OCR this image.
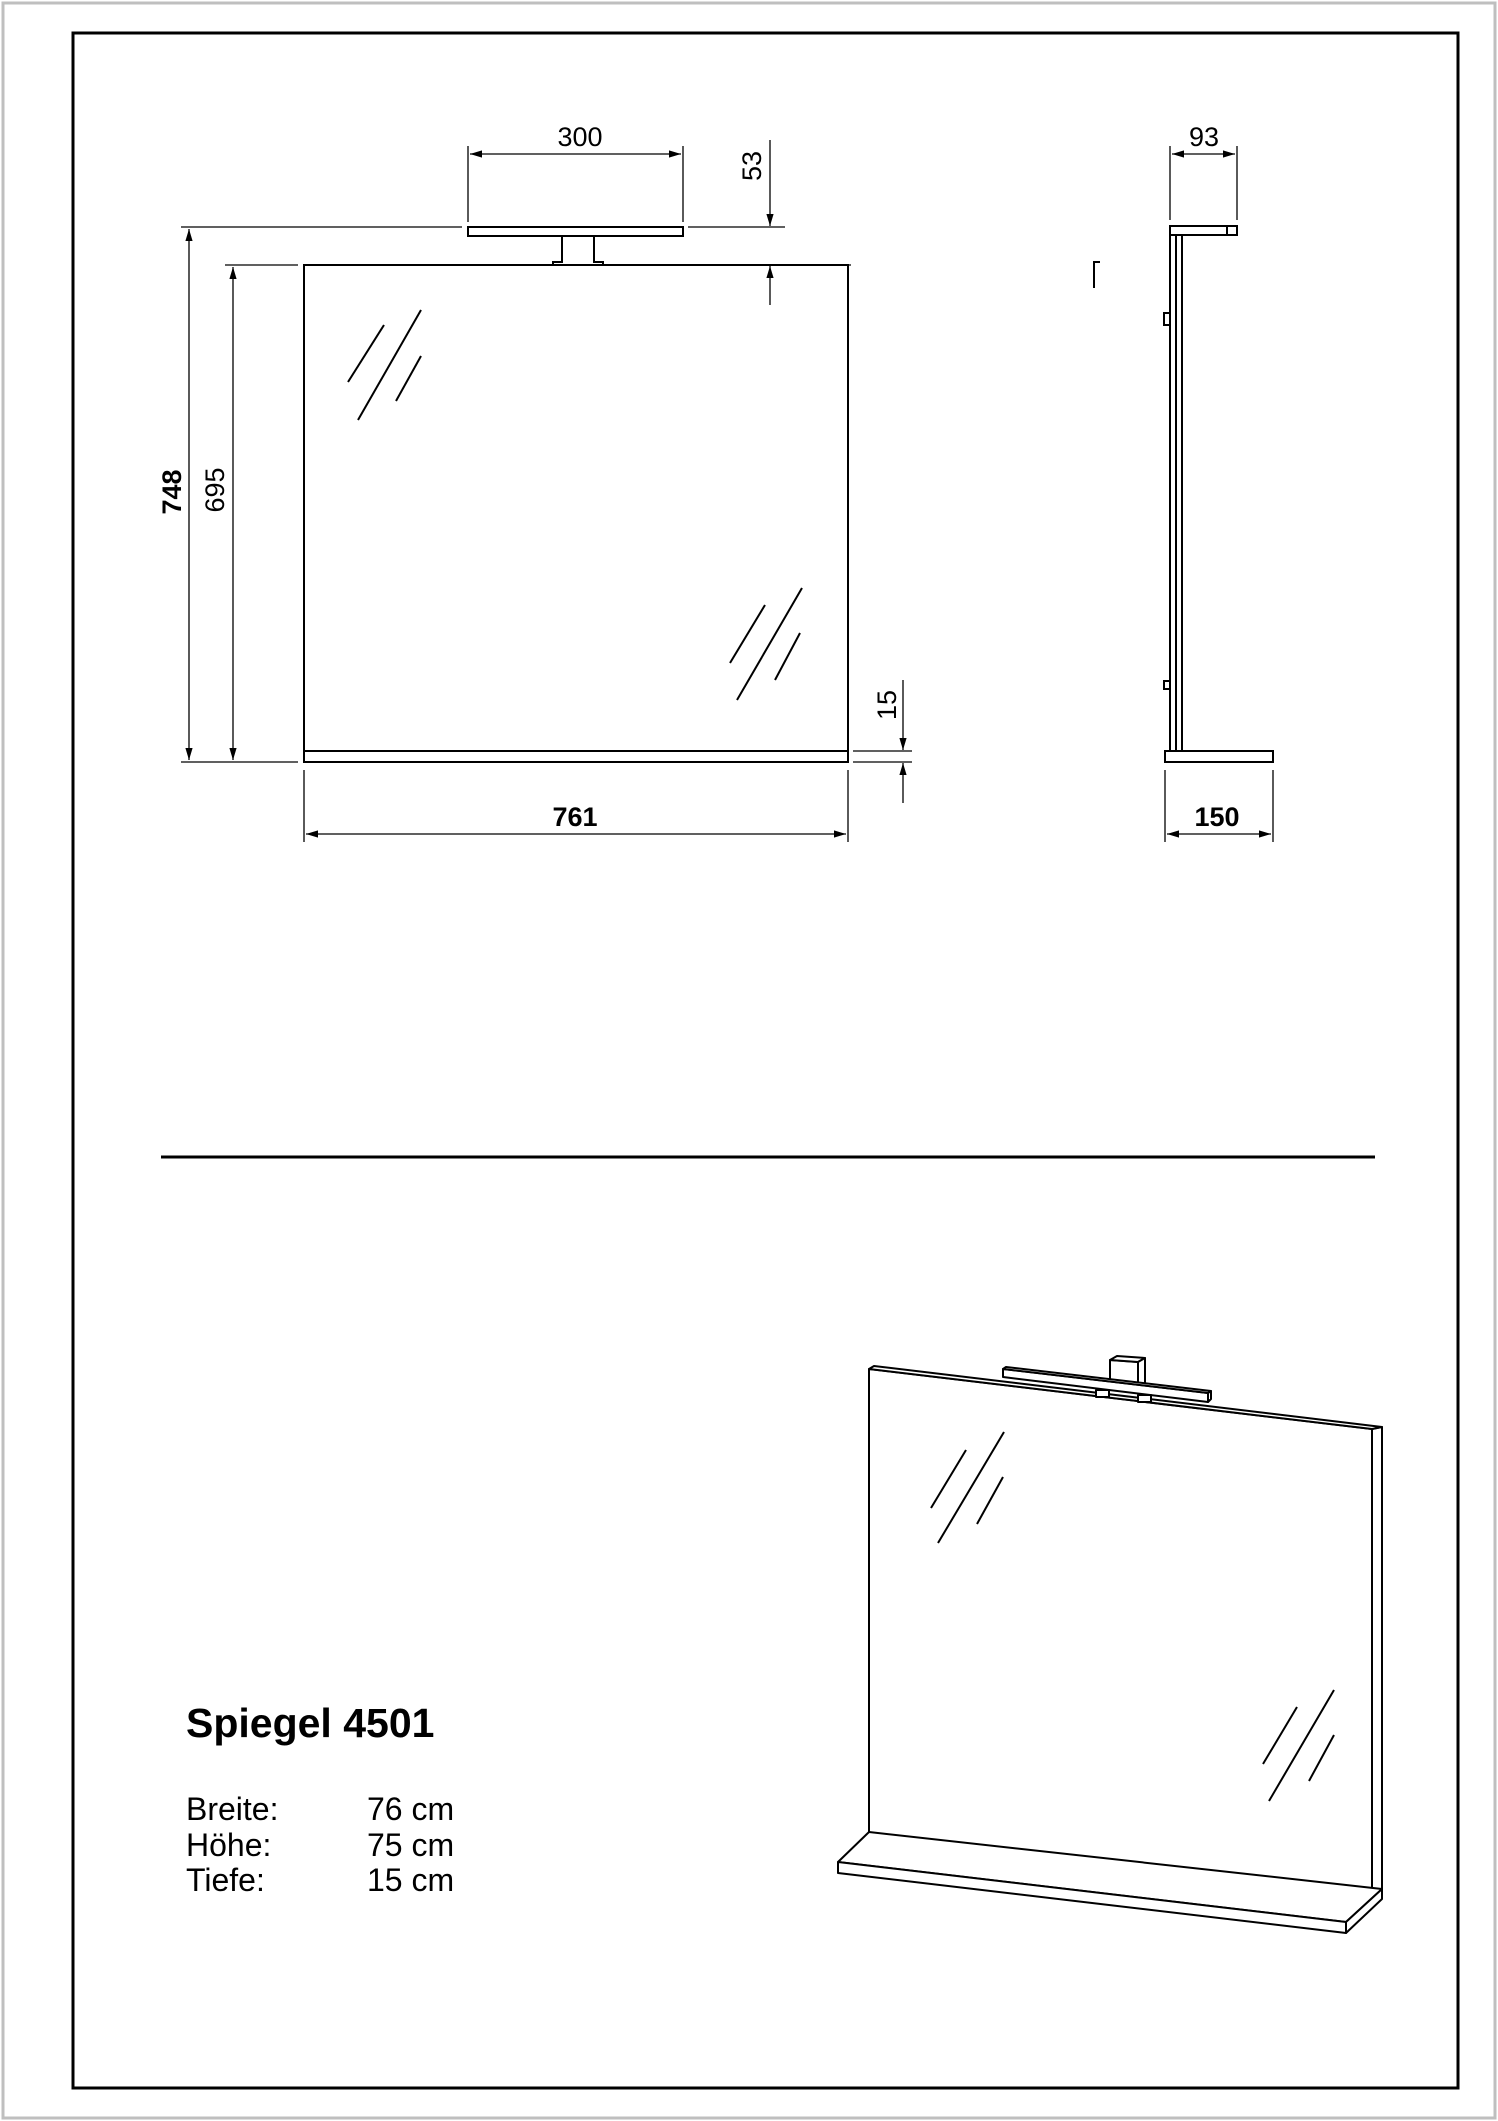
300
53
748 695
15
761
93
150
Spiegel 4501
Breite:	76 cm
Höhe:	75 cm
Tiefe:	15 cm
